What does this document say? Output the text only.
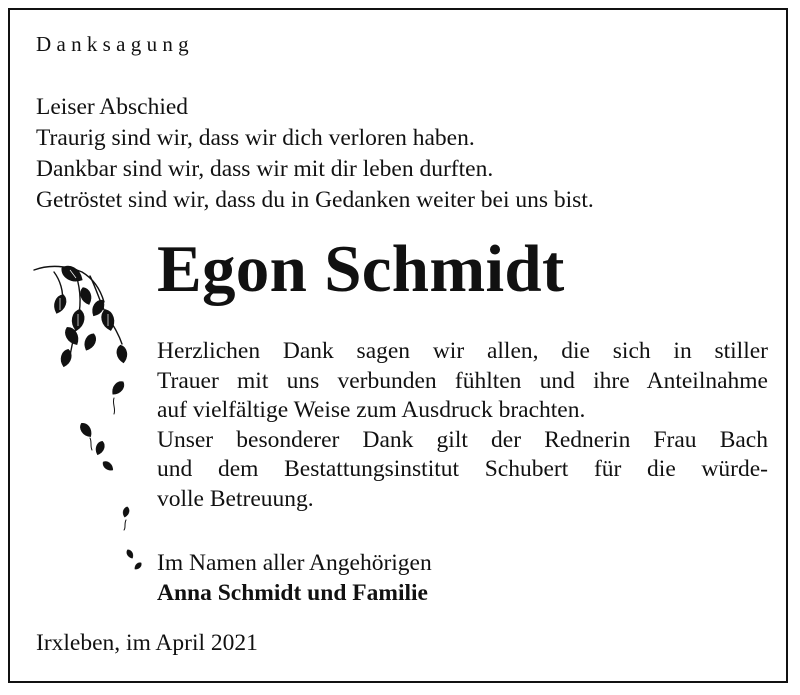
Danksagung

Leiser Abschied
Traurig sind wir, dass wir dich verloren haben.
Dankbar sind wir, dass wir mit dir leben durften.
Getröstet sind wir, dass du in Gedanken weiter bei uns bist.

Egon Schmidt

Herzlichen Dank sagen wir allen, die sich in stiller
Trauer mit uns verbunden fühlten und ihre Anteilnahme
auf vielfältige Weise zum Ausdruck brachten.
Unser besonderer Dank gilt der Rednerin Frau Bach
und dem Bestattungsinstitut Schubert für die würde-
volle Betreuung.

Im Namen aller Angehörigen
Anna Schmidt und Familie

Irxleben, im April 2021
